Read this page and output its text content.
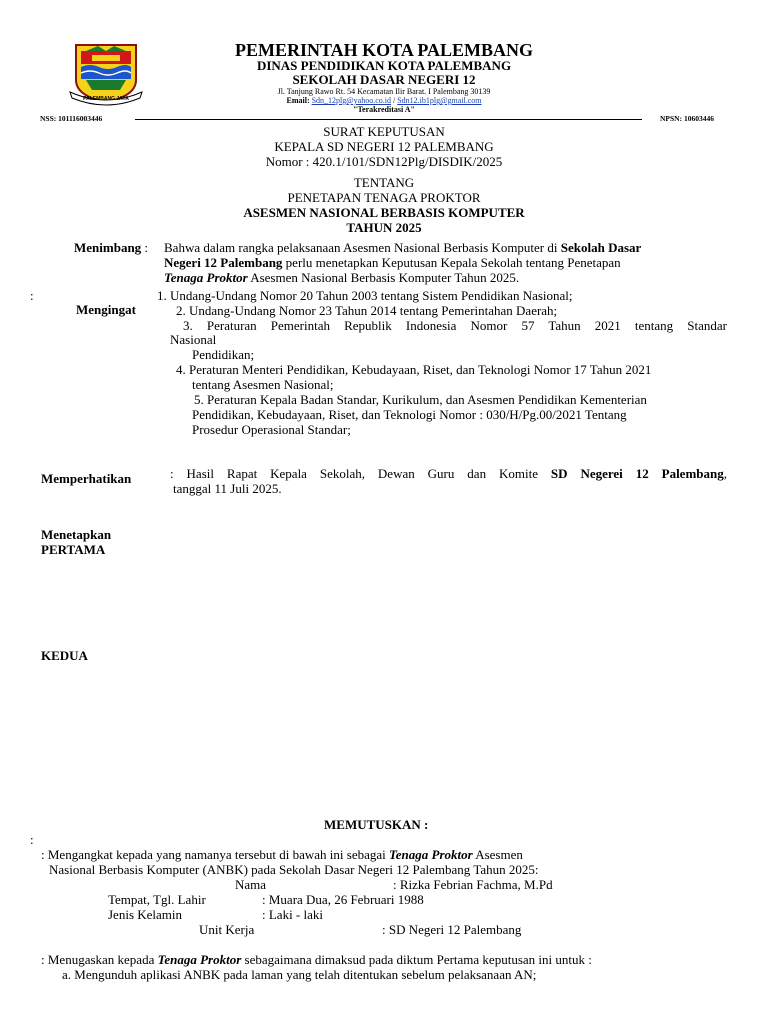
PALEMBANG JAYA
PEMERINTAH KOTA PALEMBANG
DINAS PENDIDIKAN KOTA PALEMBANG
SEKOLAH DASAR NEGERI 12
Jl. Tanjung Rawo Rt. 54 Kecamatan Ilir Barat. I Palembang 30139
Email: Sdn_12plg@yahoo.co.id / Sdn12.ib1plg@gmail.com
"Terakreditasi A"
NSS: 101116003446	NPSN: 10603446
SURAT KEPUTUSAN
KEPALA SD NEGERI 12 PALEMBANG
Nomor : 420.1/101/SDN12Plg/DISDIK/2025
TENTANG
PENETAPAN TENAGA PROKTOR
ASESMEN NASIONAL BERBASIS KOMPUTER
TAHUN 2025
Menimbang : Bahwa dalam rangka pelaksanaan Asesmen Nasional Berbasis Komputer di Sekolah Dasar
Negeri 12 Palembang perlu menetapkan Keputusan Kepala Sekolah tentang Penetapan
Tenaga Proktor Asesmen Nasional Berbasis Komputer Tahun 2025.
:
Mengingat
1. Undang-Undang Nomor 20 Tahun 2003 tentang Sistem Pendidikan Nasional;
2. Undang-Undang Nomor 23 Tahun 2014 tentang Pemerintahan Daerah;
3. Peraturan Pemerintah Republik Indonesia Nomor 57 Tahun 2021 tentang Standar
Nasional
Pendidikan;
4. Peraturan Menteri Pendidikan, Kebudayaan, Riset, dan Teknologi Nomor 17 Tahun 2021
tentang Asesmen Nasional;
5. Peraturan Kepala Badan Standar, Kurikulum, dan Asesmen Pendidikan Kementerian
Pendidikan, Kebudayaan, Riset, dan Teknologi Nomor : 030/H/Pg.00/2021 Tentang
Prosedur Operasional Standar;
Memperhatikan	: Hasil Rapat Kepala Sekolah, Dewan Guru dan Komite SD Negerei 12 Palembang,
tanggal 11 Juli 2025.
Menetapkan
PERTAMA
KEDUA
MEMUTUSKAN :
:
: Mengangkat kepada yang namanya tersebut di bawah ini sebagai Tenaga Proktor Asesmen
Nasional Berbasis Komputer (ANBK) pada Sekolah Dasar Negeri 12 Palembang Tahun 2025:
Nama	: Rizka Febrian Fachma, M.Pd
Tempat, Tgl. Lahir	: Muara Dua, 26 Februari 1988
Jenis Kelamin	: Laki - laki
Unit Kerja	: SD Negeri 12 Palembang
: Menugaskan kepada Tenaga Proktor sebagaimana dimaksud pada diktum Pertama keputusan ini untuk :
a. Mengunduh aplikasi ANBK pada laman yang telah ditentukan sebelum pelaksanaan AN;
